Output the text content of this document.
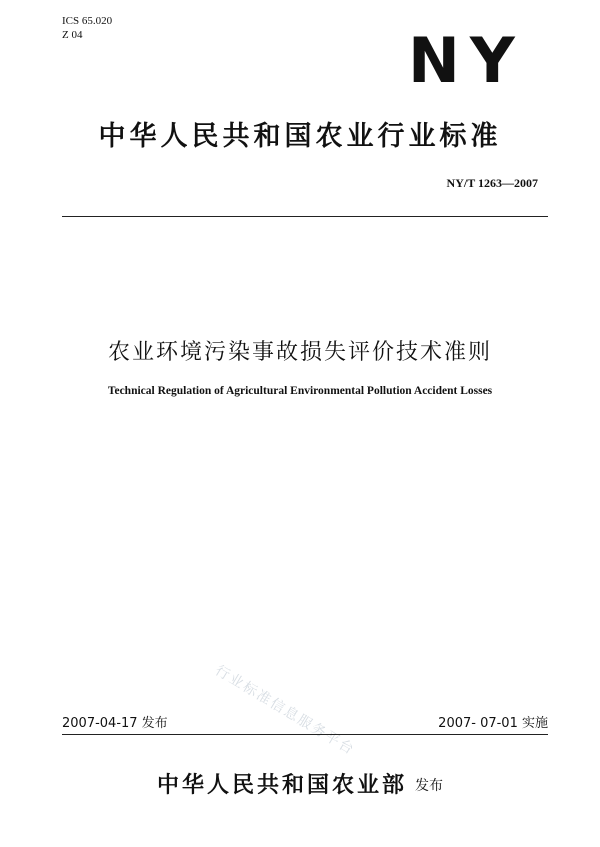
ICS 65.020
Z 04	NY
中华人民共和国农业行业标准
NY/T 1263—2007
农业环境污染事故损失评价技术准则
Technical Regulation of Agricultural Environmental Pollution Accident Losses
行业标准信息服务平台
2007-04-17 发布	2007- 07-01 实施
中华人民共和国农业部 发布
